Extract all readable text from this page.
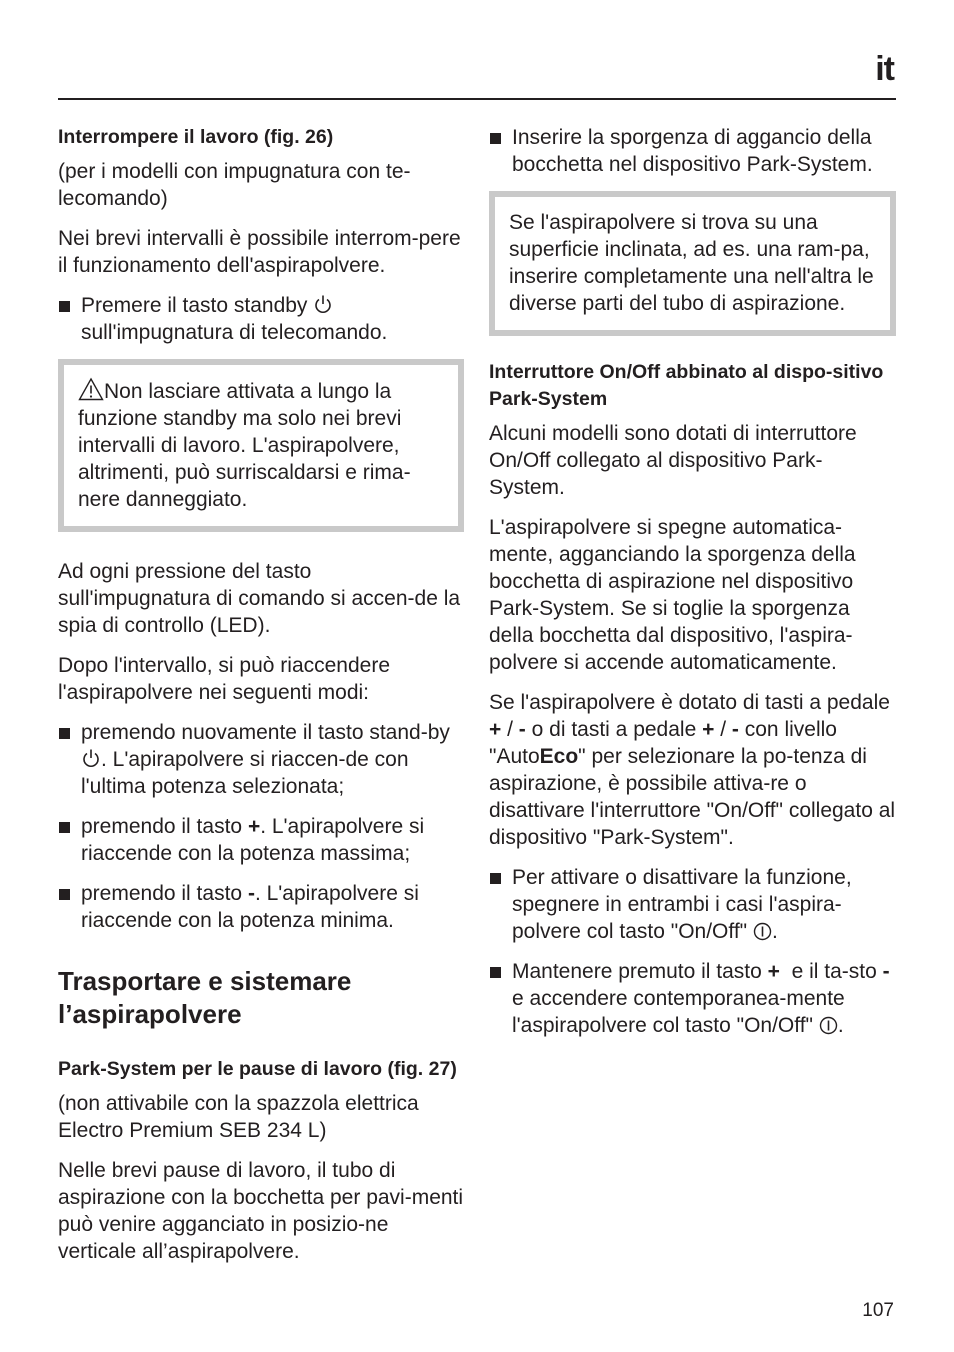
it

Interrompere il lavoro (fig. 26)

(per i modelli con impugnatura con te-lecomando)

Nei brevi intervalli è possibile interrom-pere il funzionamento dell'aspirapolvere.

Premere il tasto standby  sull'impugnatura di telecomando.
Non lasciare attivata a lungo la funzione standby ma solo nei brevi intervalli di lavoro. L'aspirapolvere, altrimenti, può surriscaldarsi e rima-nere danneggiato.

Ad ogni pressione del tasto sull'impugnatura di comando si accen-de la spia di controllo (LED).

Dopo l'intervallo, si può riaccendere l'aspirapolvere nei seguenti modi:

premendo nuovamente il tasto stand-by . L'apirapolvere si riaccen-de con l'ultima potenza selezionata;
premendo il tasto +. L'apirapolvere si riaccende con la potenza massima;
premendo il tasto -. L'apirapolvere si riaccende con la potenza minima.
Trasportare e sistemare l’aspirapolvere

Park-System per le pause di lavoro (fig. 27)

(non attivabile con la spazzola elettrica Electro Premium SEB 234 L)

Nelle brevi pause di lavoro, il tubo di aspirazione con la bocchetta per pavi-menti può venire agganciato in posizio-ne verticale all’aspirapolvere.

Inserire la sporgenza di aggancio della bocchetta nel dispositivo Park-System.
Se l'aspirapolvere si trova su una superficie inclinata, ad es. una ram-pa, inserire completamente una nell'altra le diverse parti del tubo di aspirazione.

Interruttore On/Off abbinato al dispo-sitivo Park-System

Alcuni modelli sono dotati di interruttore On/Off collegato al dispositivo Park-System.

L'aspirapolvere si spegne automatica-mente, agganciando la sporgenza della bocchetta di aspirazione nel dispositivo Park-System. Se si toglie la sporgenza della bocchetta dal dispositivo, l'aspira-polvere si accende automaticamente.

Se l'aspirapolvere è dotato di tasti a pedale + / - o di tasti a pedale + / - con livello "AutoEco" per selezionare la po-tenza di aspirazione, è possibile attiva-re o disattivare l'interruttore "On/Off" collegato al dispositivo "Park-System".

Per attivare o disattivare la funzione, spegnere in entrambi i casi l'aspira-polvere col tasto "On/Off" .
Mantenere premuto il tasto + e il ta-sto - e accendere contemporanea-mente l'aspirapolvere col tasto "On/Off" .
107
